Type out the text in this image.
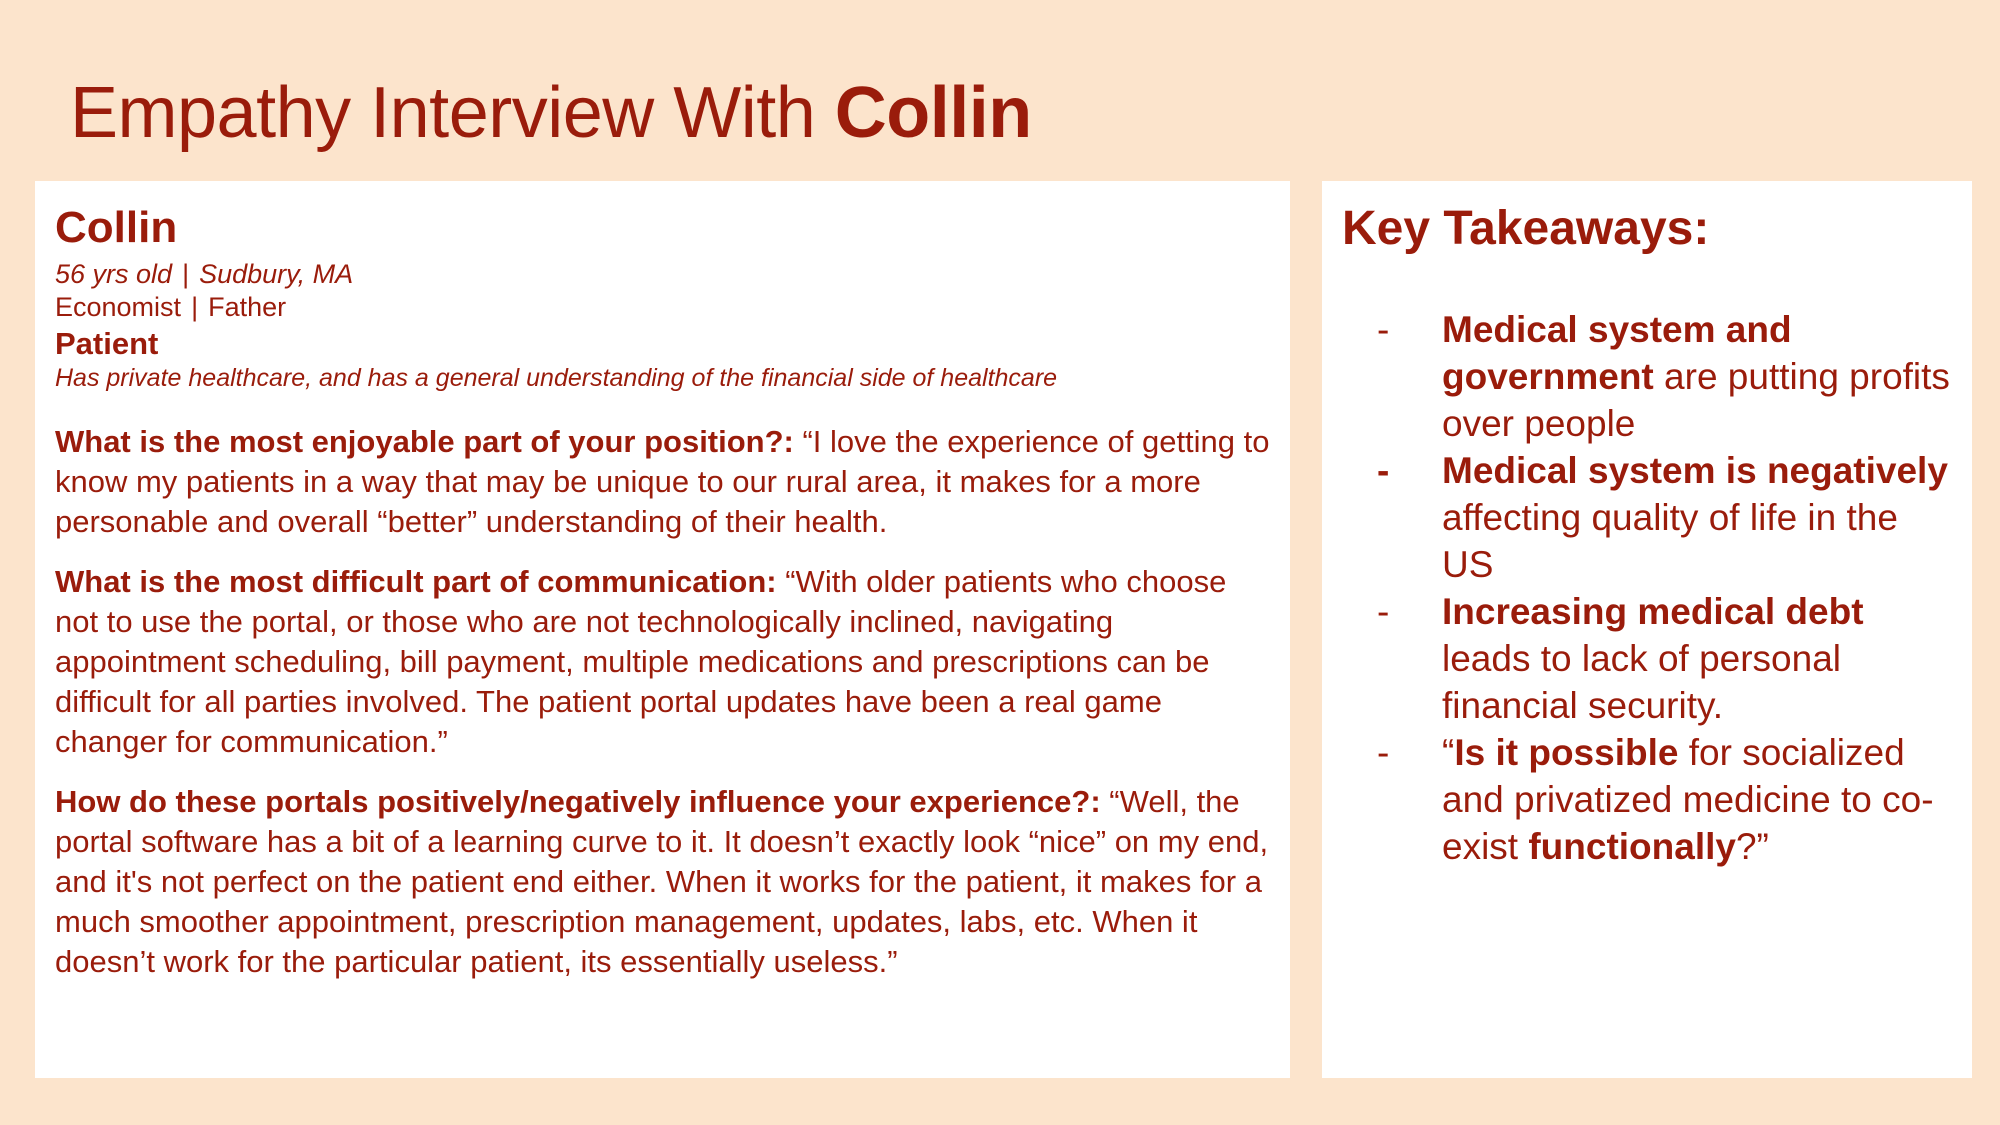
Empathy Interview With Collin
Collin
56 yrs old | Sudbury, MA
Economist | Father
Patient
Has private healthcare, and has a general understanding of the financial side of healthcare

What is the most enjoyable part of your position?: “I love the experience of getting to know my patients in a way that may be unique to our rural area, it makes for a more personable and overall “better” understanding of their health.

What is the most difficult part of communication: “With older patients who choose not to use the portal, or those who are not technologically inclined, navigating appointment scheduling, bill payment, multiple medications and prescriptions can be difficult for all parties involved. The patient portal updates have been a real game changer for communication.”

How do these portals positively/negatively influence your experience?: “Well, the portal software has a bit of a learning curve to it. It doesn’t exactly look “nice” on my end, and it's not perfect on the patient end either. When it works for the patient, it makes for a much smoother appointment, prescription management, updates, labs, etc. When it doesn’t work for the particular patient, its essentially useless.”

Key Takeaways:
-	Medical system and government are putting profits over people
-	Medical system is negatively affecting quality of life in the US
-	Increasing medical debt leads to lack of personal financial security.
-	“Is it possible for socialized and privatized medicine to co-exist functionally?”
